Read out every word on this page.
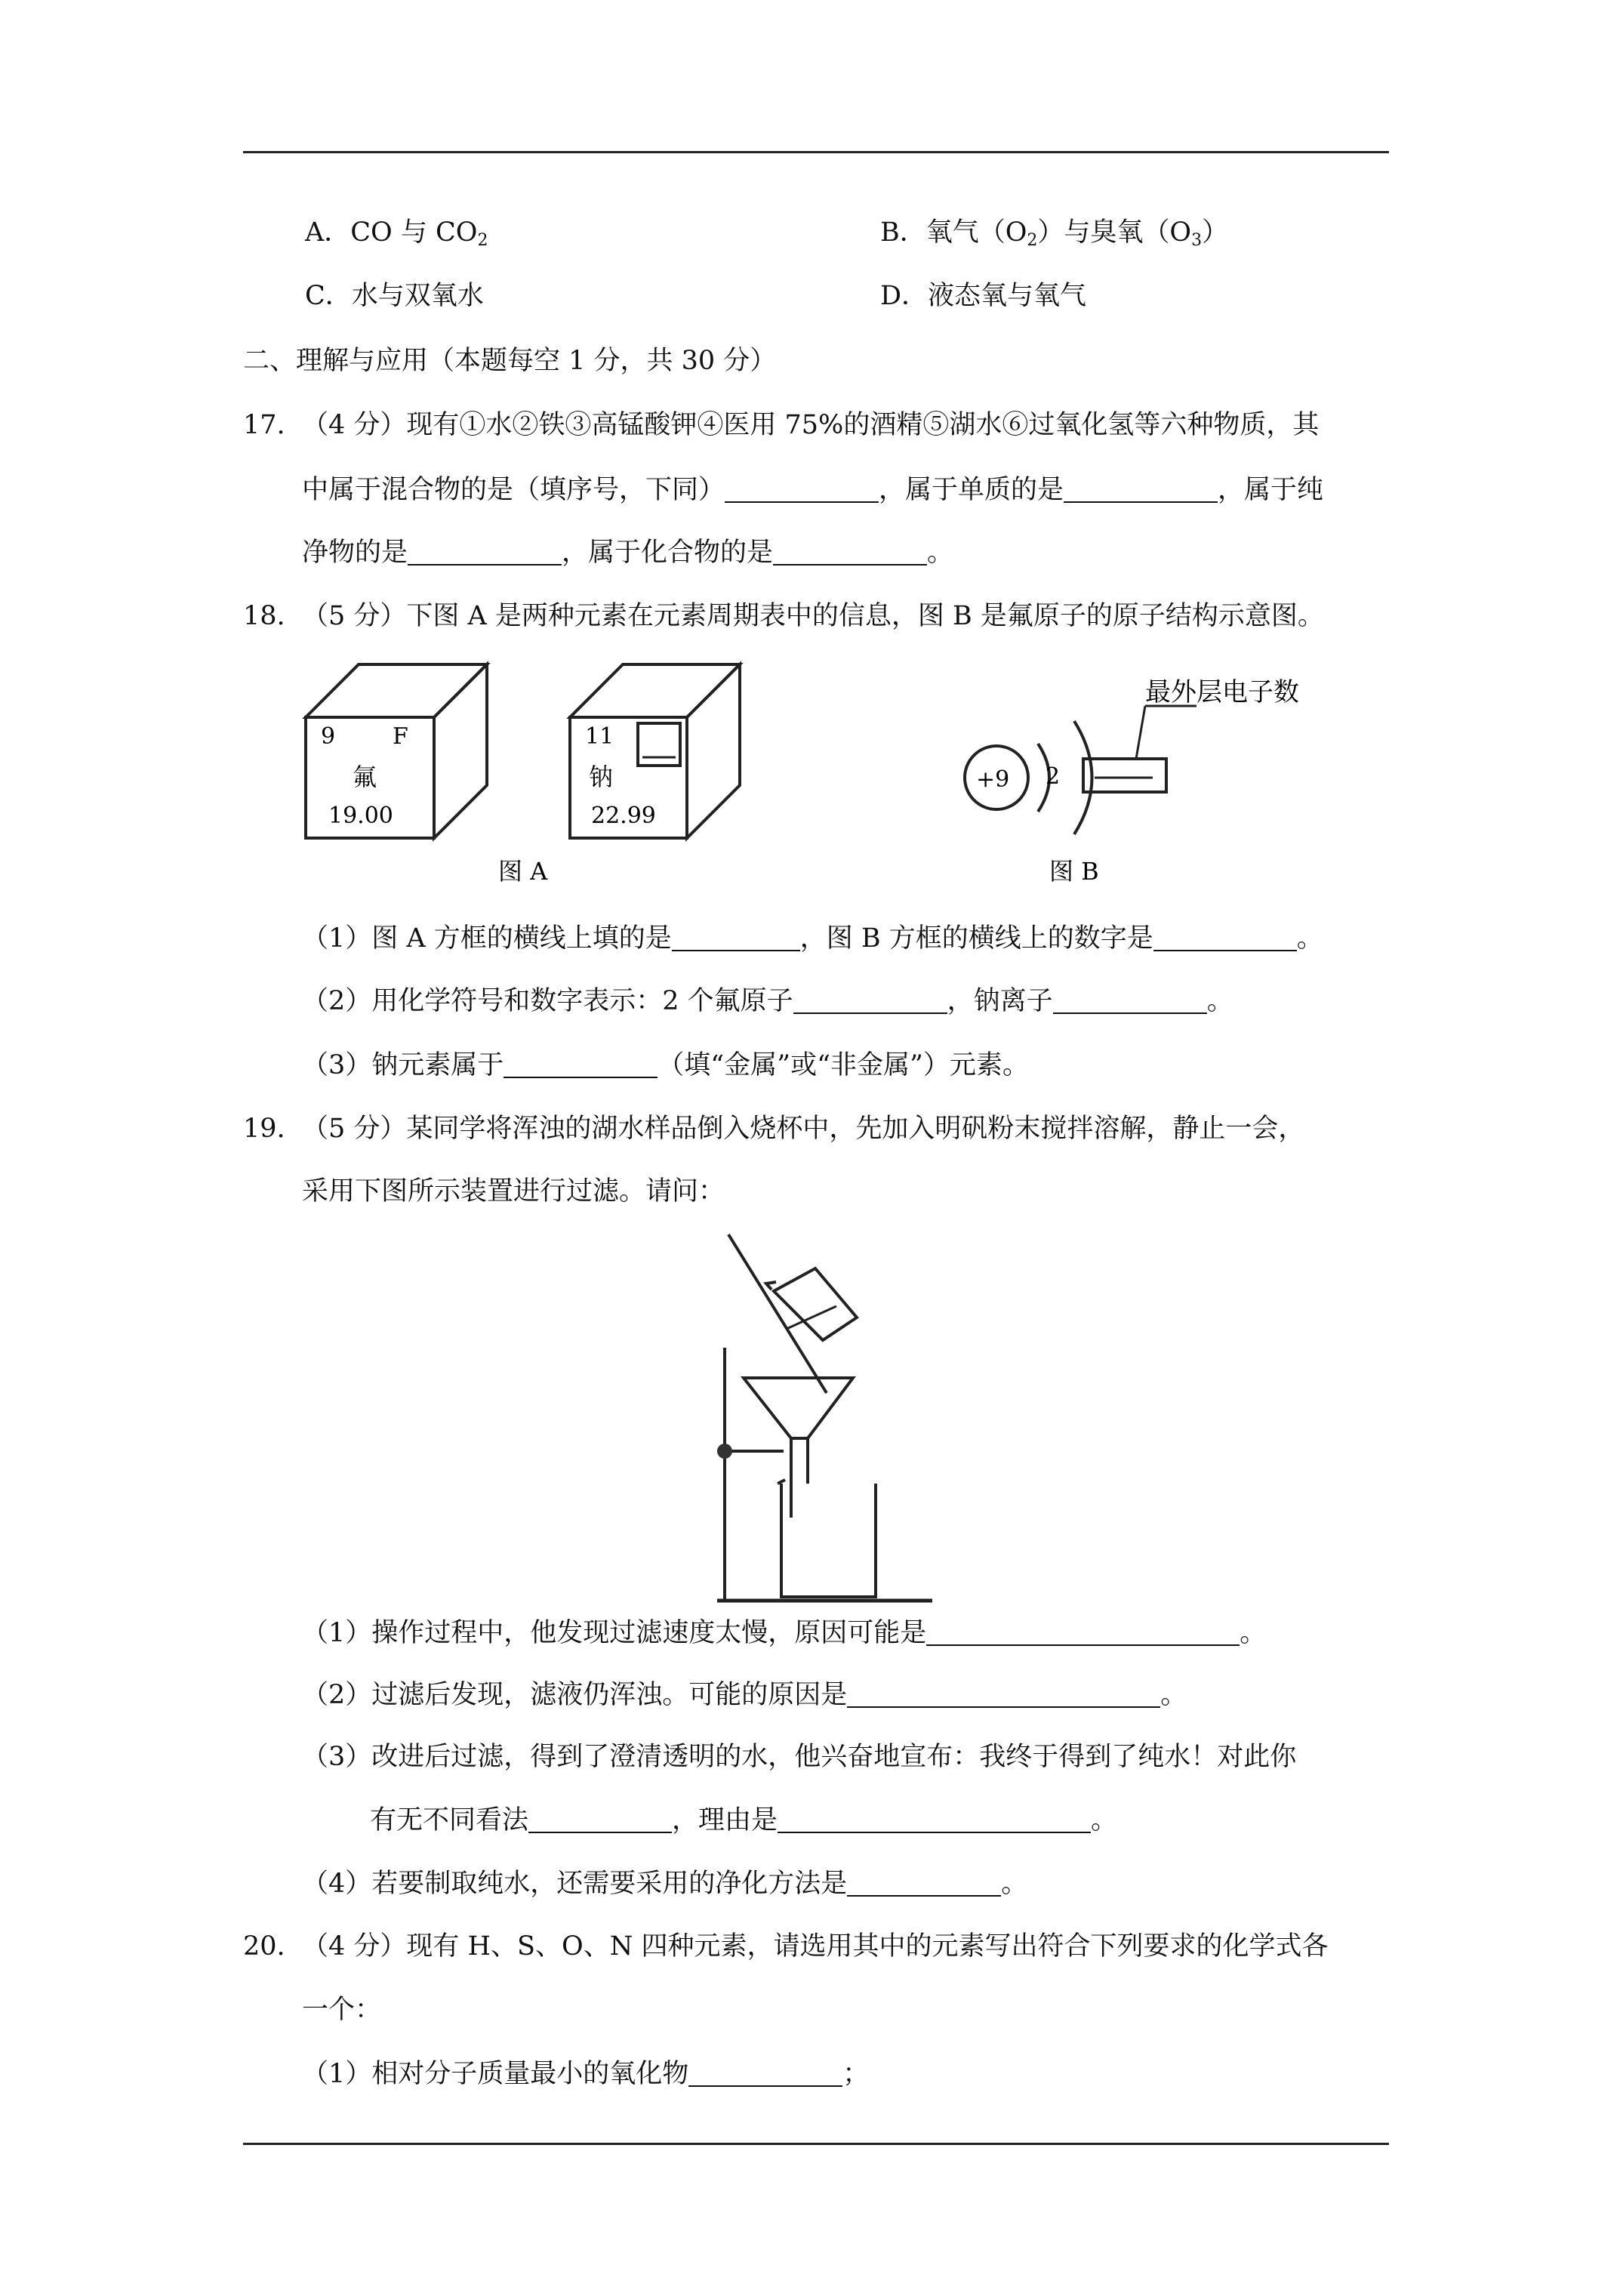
A．CO 与 $CO_2$	B．氧气$(O_2)$与臭氧$(O_3)$
C．水与双氧水	D．液态氧与氧气
二、理解与应用（本题每空 1 分，共 30 分）
17. （4 分）现有①水②铁③高锰酸钾④医用 75%的酒精⑤湖水⑥过氧化氢等六种物质，其
中属于混合物的是（填序号，下同）	，属于单质的是	，属于纯
净物的是	，属于化合物的是	。
18. （5 分）下图 A 是两种元素在元素周期表中的信息，图 B 是氟原子的原子结构示意图。
9	F
氟
19.00
11
钠
22.99
图 A
+9 2
最外层电子数
图 B
（1）图 A 方框的横线上填的是	，图 B 方框的横线上的数字是	。
（2）用化学符号和数字表示：2 个氟原子	，钠离子	。
（3）钠元素属于	（填“金属”或“非金属”）元素。
19. （5 分）某同学将浑浊的湖水样品倒入烧杯中，先加入明矾粉末搅拌溶解，静止一会，
采用下图所示装置进行过滤。请问：
（1）操作过程中，他发现过滤速度太慢，原因可能是	。
（2）过滤后发现，滤液仍浑浊。可能的原因是	。
（3）改进后过滤，得到了澄清透明的水，他兴奋地宣布：我终于得到了纯水！对此你
有无不同看法	，理由是	。
（4）若要制取纯水，还需要采用的净化方法是	。
20. （4 分）现有 H、S、O、N 四种元素，请选用其中的元素写出符合下列要求的化学式各
一个：
（1）相对分子质量最小的氧化物	；
